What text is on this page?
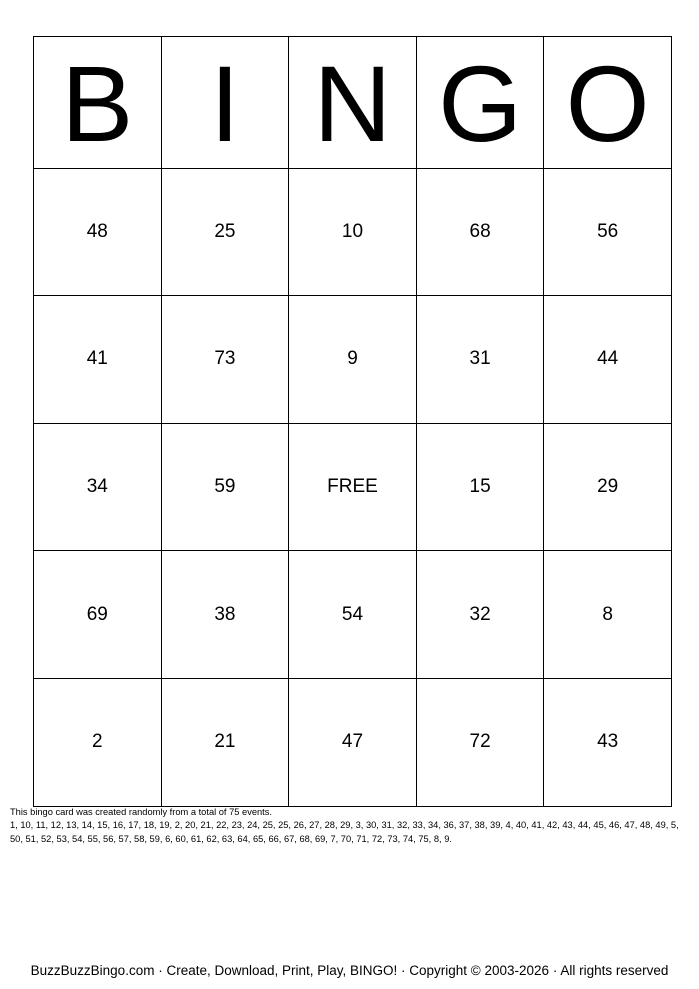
B	I	N	G	O
48	25	10	68	56
41	73	9	31	44
34	59	FREE	15	29
69	38	54	32	8
2	21	47	72	43

This bingo card was created randomly from a total of 75 events.

1, 10, 11, 12, 13, 14, 15, 16, 17, 18, 19, 2, 20, 21, 22, 23, 24, 25, 25, 26, 27, 28, 29, 3, 30, 31, 32, 33, 34, 36, 37, 38, 39, 4, 40, 41, 42, 43, 44, 45, 46, 47, 48, 49, 5, 50, 51, 52, 53, 54, 55, 56, 57, 58, 59, 6, 60, 61, 62, 63, 64, 65, 66, 67, 68, 69, 7, 70, 71, 72, 73, 74, 75, 8, 9.

BuzzBuzzBingo.com · Create, Download, Print, Play, BINGO! · Copyright © 2003-2026 · All rights reserved
